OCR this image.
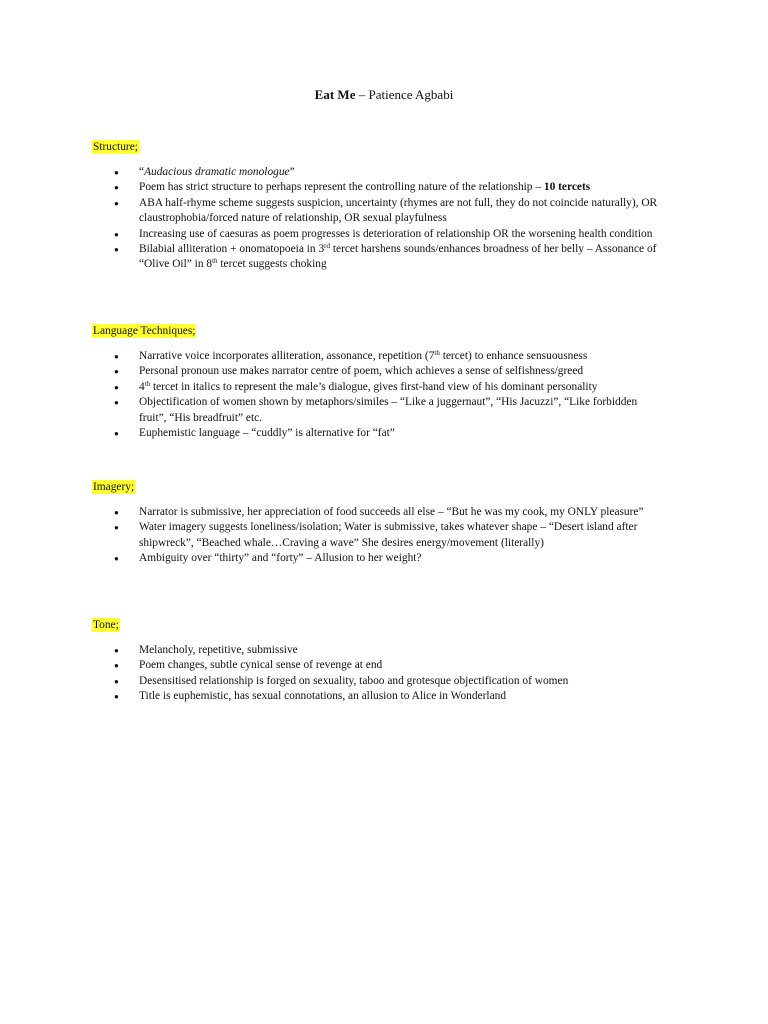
Eat Me – Patience Agbabi
Structure;
● “Audacious dramatic monologue”
● Poem has strict structure to perhaps represent the controlling nature of the relationship – 10 tercets
● ABA half-rhyme scheme suggests suspicion, uncertainty (rhymes are not full, they do not coincide naturally), OR claustrophobia/forced nature of relationship, OR sexual playfulness
● Increasing use of caesuras as poem progresses is deterioration of relationship OR the worsening health condition
● Bilabial alliteration + onomatopoeia in 3rd tercet harshens sounds/enhances broadness of her belly – Assonance of “Olive Oil” in 8th tercet suggests choking
Language Techniques;
● Narrative voice incorporates alliteration, assonance, repetition (7th tercet) to enhance sensuousness
● Personal pronoun use makes narrator centre of poem, which achieves a sense of selfishness/greed
● 4th tercet in italics to represent the male’s dialogue, gives first-hand view of his dominant personality
● Objectification of women shown by metaphors/similes – “Like a juggernaut”, “His Jacuzzi”, “Like forbidden fruit”, “His breadfruit” etc.
● Euphemistic language – “cuddly” is alternative for “fat”
Imagery;
● Narrator is submissive, her appreciation of food succeeds all else – “But he was my cook, my ONLY pleasure”
● Water imagery suggests loneliness/isolation; Water is submissive, takes whatever shape – “Desert island after shipwreck”, “Beached whale…Craving a wave” She desires energy/movement (literally)
● Ambiguity over “thirty” and “forty” – Allusion to her weight?
Tone;
● Melancholy, repetitive, submissive
● Poem changes, subtle cynical sense of revenge at end
● Desensitised relationship is forged on sexuality, taboo and grotesque objectification of women
● Title is euphemistic, has sexual connotations, an allusion to Alice in Wonderland
